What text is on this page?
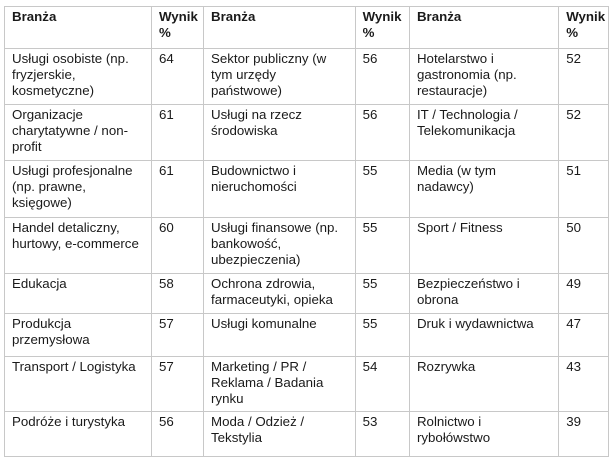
Branża	Wynik %	Branża	Wynik %	Branża	Wynik %
Usługi osobiste (np. fryzjerskie, kosmetyczne)	64	Sektor publiczny (w tym urzędy państwowe)	56	Hotelarstwo i gastronomia (np. restauracje)	52
Organizacje charytatywne / non-profit	61	Usługi na rzecz środowiska	56	IT / Technologia / Telekomunikacja	52
Usługi profesjonalne (np. prawne, księgowe)	61	Budownictwo i nieruchomości	55	Media (w tym nadawcy)	51
Handel detaliczny, hurtowy, e-commerce	60	Usługi finansowe (np. bankowość, ubezpieczenia)	55	Sport / Fitness	50
Edukacja	58	Ochrona zdrowia, farmaceutyki, opieka	55	Bezpieczeństwo i obrona	49
Produkcja przemysłowa	57	Usługi komunalne	55	Druk i wydawnictwa	47
Transport / Logistyka	57	Marketing / PR / Reklama / Badania rynku	54	Rozrywka	43
Podróże i turystyka	56	Moda / Odzież / Tekstylia	53	Rolnictwo i rybołówstwo	39
